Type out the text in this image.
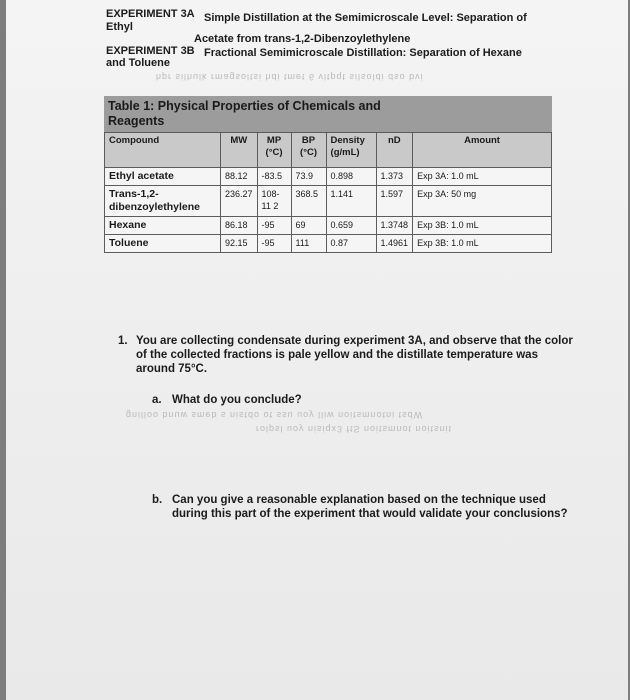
EXPERIMENT 3A Simple Distillation at the Semimicroscale Level: Separation of
Ethyl
Acetate from trans-1,2-Dibenzoylethylene
EXPERIMENT 3B Fractional Semimicroscale Distillation: Separation of Hexane
and Toluene
hpr silhulk rmagsoltsi hdi tmet 6 vltpqt silsoldi dso bvi
Table 1: Physical Properties of Chemicals and
Reagents
Compound	MW	MP (°C)	BP (°C)	Density (g/mL)	nD	Amount
Ethyl acetate	88.12	-83.5	73.9	0.898	1.373	Exp 3A: 1.0 mL
Trans-1,2-dibenzoylethylene	236.27	108-11 2	368.5	1.141	1.597	Exp 3A: 50 mg
Hexane	86.18	-95	69	0.659	1.3748	Exp 3B: 1.0 mL
Toluene	92.15	-95	111	0.87	1.4961	Exp 3B: 1.0 mL
1. You are collecting condensate during experiment 3A, and observe that the color of the collected fractions is pale yellow and the distillate temperature was around 75°C.
a. What do you conclude?
gnilloo bnuw smeb s nistdo ot ssu uoy lliw noitsmnotni tsdW
rolpsl uoy nisiqx3 ftS noitsmnot noitsnit
b. Can you give a reasonable explanation based on the technique used during this part of the experiment that would validate your conclusions?
